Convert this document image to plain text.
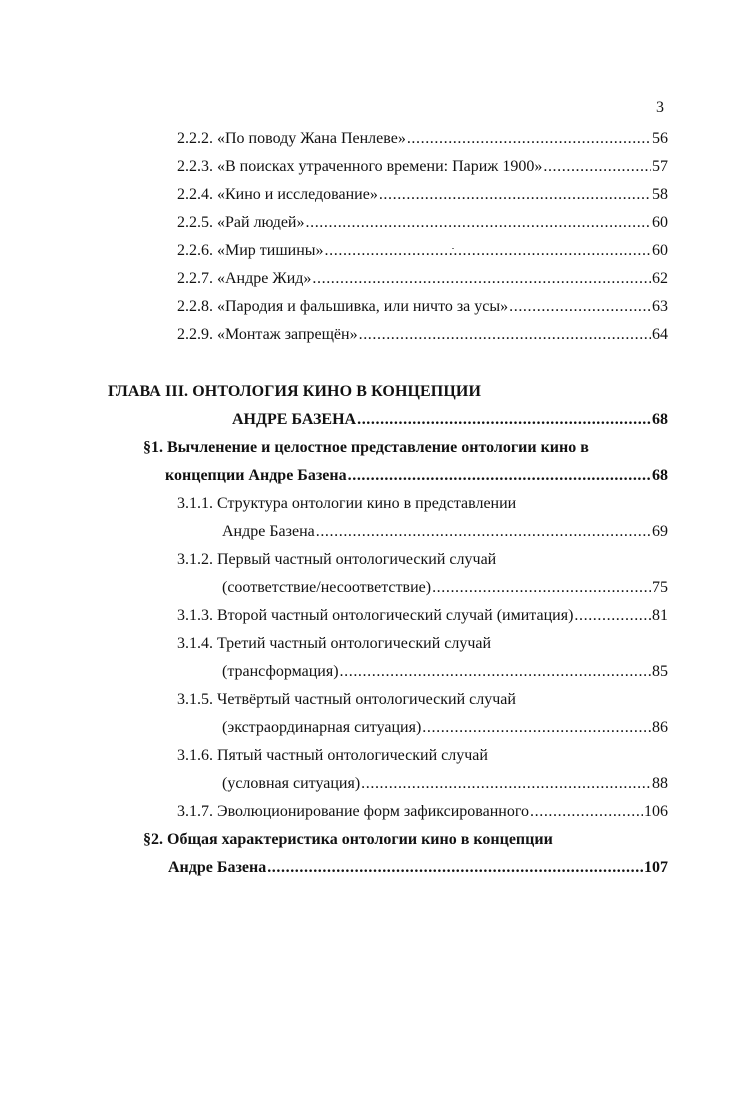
3
2.2.2. «По поводу Жана Пенлеве» .....	56
2.2.3. «В поисках утраченного времени: Париж 1900» .....	57
2.2.4. «Кино и исследование» .....	58
2.2.5. «Рай людей» .....	60
2.2.6. «Мир тишины» .....	60
2.2.7. «Андре Жид» .....	62
2.2.8. «Пародия и фальшивка, или ничто за усы» .....	63
2.2.9. «Монтаж запрещён» .....	64
ГЛАВА III. ОНТОЛОГИЯ КИНО В КОНЦЕПЦИИ
АНДРЕ БАЗЕНА .....	68
§1. Вычленение и целостное представление онтологии кино в
концепции Андре Базена .....	68
3.1.1. Структура онтологии кино в представлении
Андре Базена .....	69
3.1.2. Первый частный онтологический случай
(соответствие/несоответствие) .....	75
3.1.3. Второй частный онтологический случай (имитация) .....	81
3.1.4. Третий частный онтологический случай
(трансформация) .....	85
3.1.5. Четвёртый частный онтологический случай
(экстраординарная ситуация) .....	86
3.1.6. Пятый частный онтологический случай
(условная ситуация) .....	88
3.1.7. Эволюционирование форм зафиксированного .....	106
§2. Общая характеристика онтологии кино в концепции
Андре Базена .....	107
